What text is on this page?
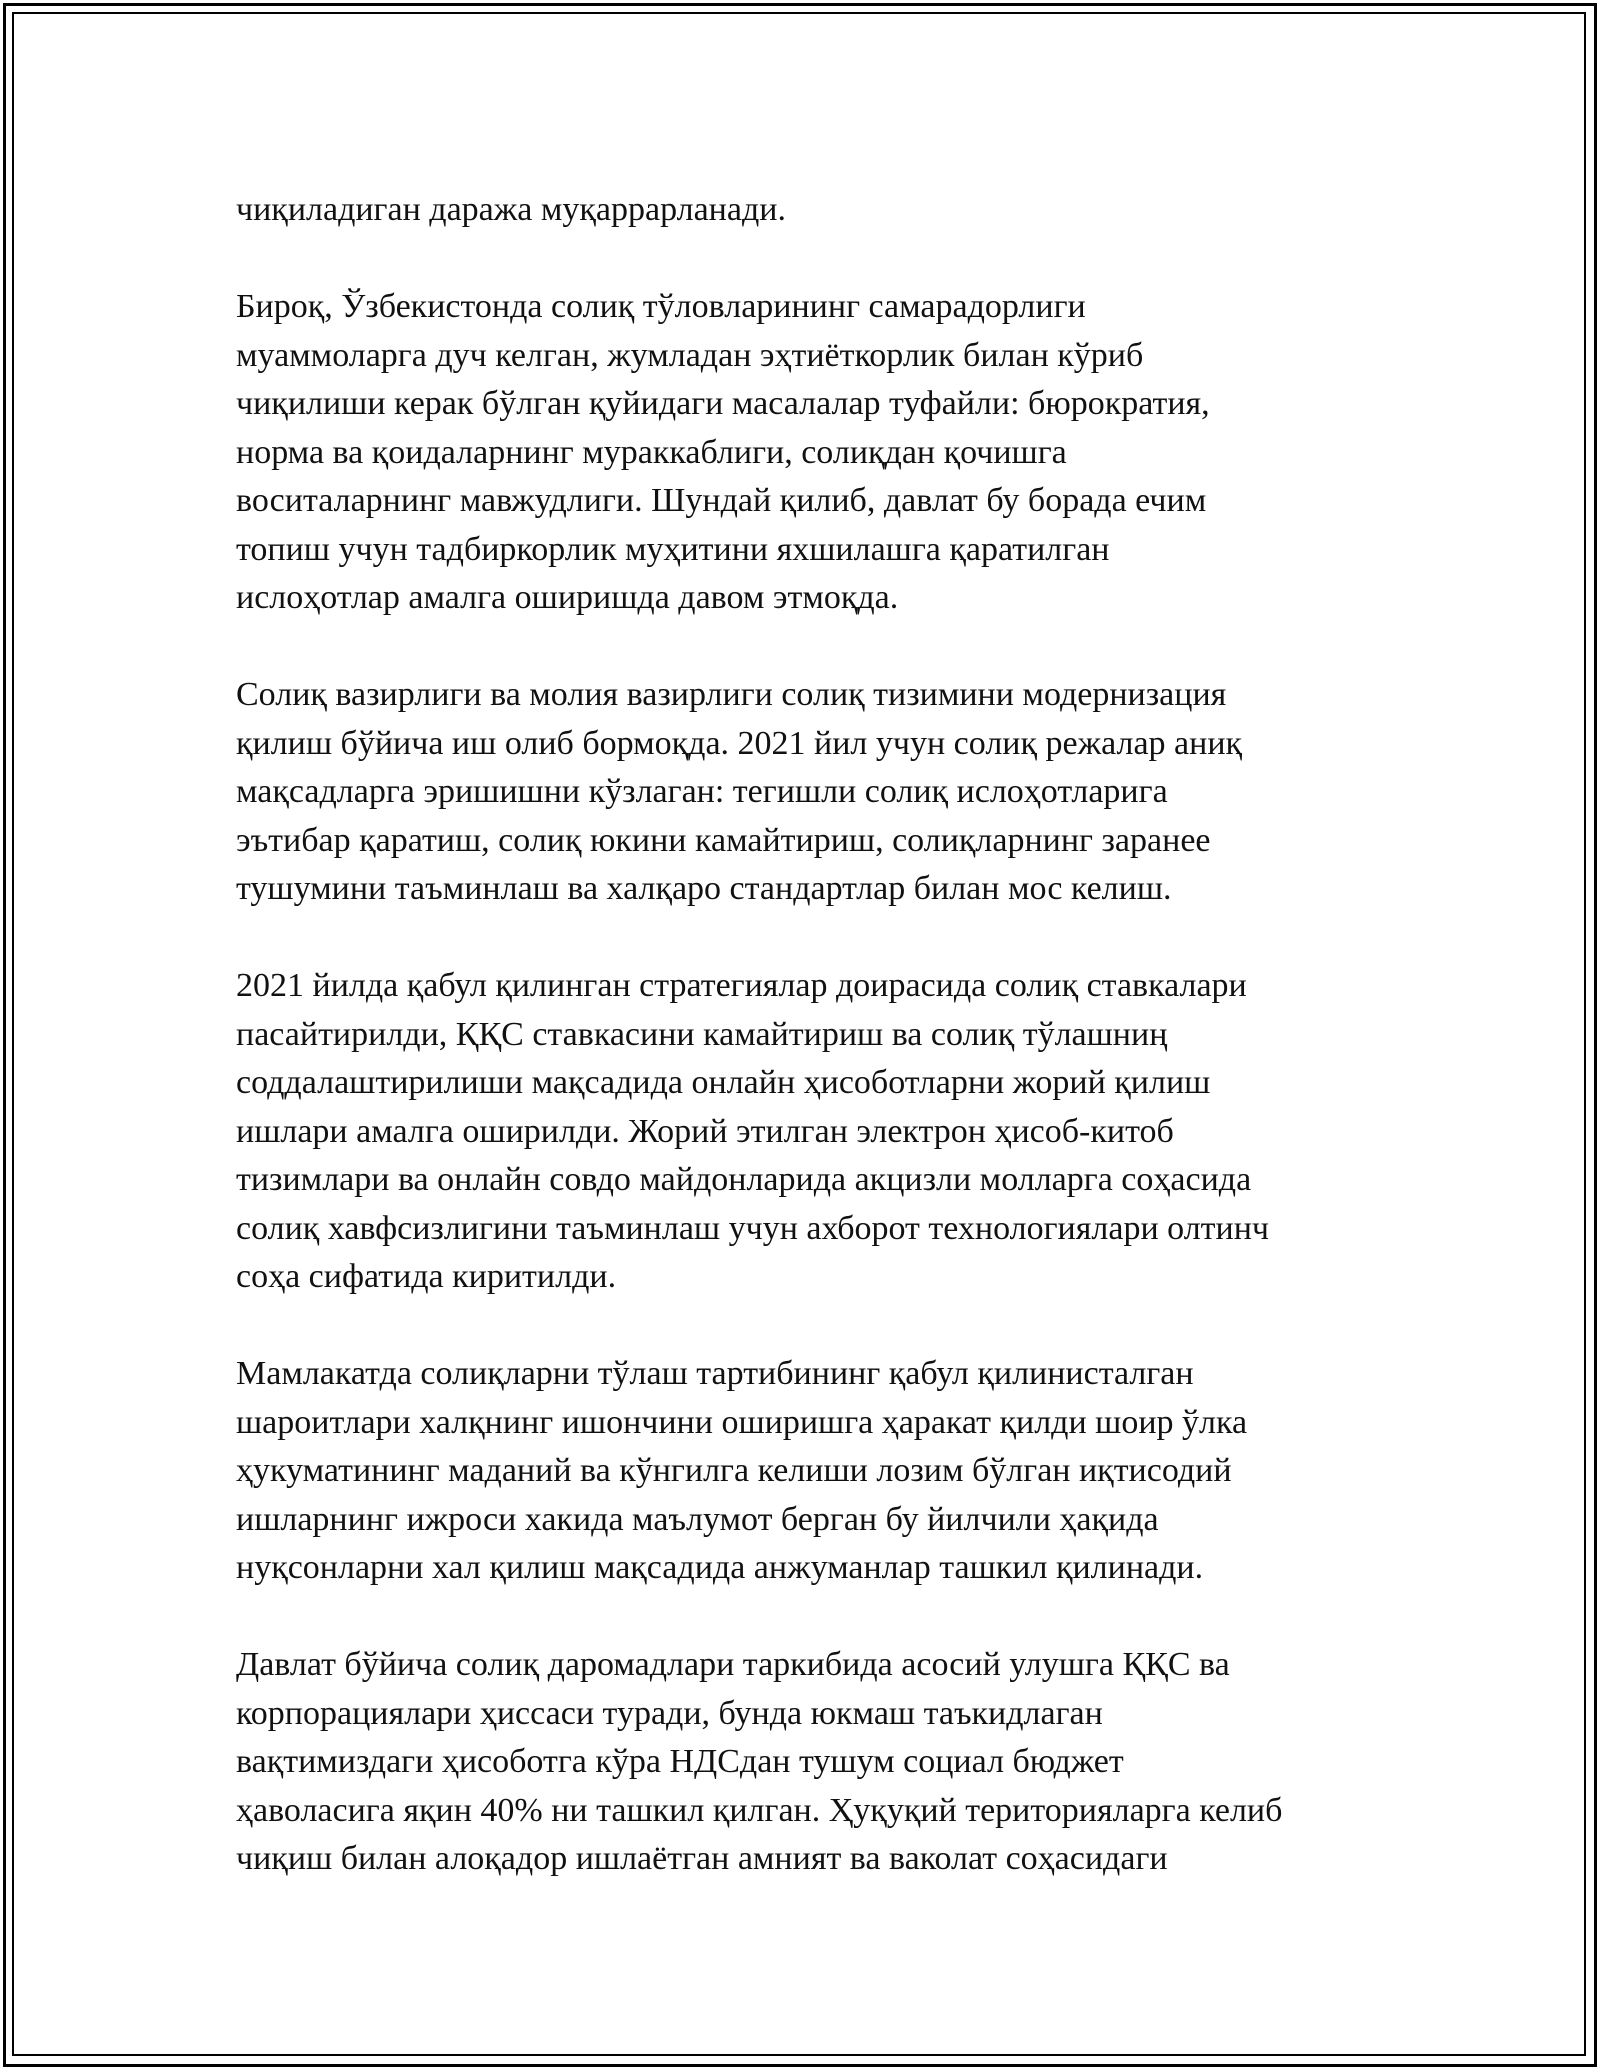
чиқиладиган даража муқаррарланади.
Бироқ, Ўзбекистонда солиқ тўловларининг самарадорлиги
муаммоларга дуч келган, жумладан эҳтиёткорлик билан кўриб
чиқилиши керак бўлган қуйидаги масалалар туфайли: бюрократия,
норма ва қоидаларнинг мураккаблиги, солиқдан қочишга
воситаларнинг мавжудлиги. Шундай қилиб, давлат бу борада ечим
топиш учун тадбиркорлик муҳитини яхшилашга қаратилган
ислоҳотлар амалга оширишда давом этмоқда.
Солиқ вазирлиги ва молия вазирлиги солиқ тизимини модернизация
қилиш бўйича иш олиб бормоқда. 2021 йил учун солиқ режалар аниқ
мақсадларга эришишни кўзлаган: тегишли солиқ ислоҳотларига
эътибар қаратиш, солиқ юкини камайтириш, солиқларнинг заранее
тушумини таъминлаш ва халқаро стандартлар билан мос келиш.
2021 йилда қабул қилинган стратегиялар доирасида солиқ ставкалари
пасайтирилди, ҚҚС ставкасини камайтириш ва солиқ тўлашниң
соддалаштирилиши мақсадида онлайн ҳисоботларни жорий қилиш
ишлари амалга оширилди. Жорий этилган электрон ҳисоб-китоб
тизимлари ва онлайн совдо майдонларида акцизли молларга соҳасида
солиқ хавфсизлигини таъминлаш учун ахборот технологиялари олтинч
соҳа сифатида киритилди.
Мамлакатда солиқларни тўлаш тартибининг қабул қилинисталган
шароитлари халқнинг ишончини оширишга ҳаракат қилди шоир ўлка
ҳукуматининг маданий ва кўнгилга келиши лозим бўлган иқтисодий
ишларнинг ижроси хакида маълумот берган бу йилчили ҳақида
нуқсонларни хал қилиш мақсадида анжуманлар ташкил қилинади.
Давлат бўйича солиқ даромадлари таркибида асосий улушга ҚҚС ва
корпорациялари ҳиссаси туради, бунда юкмаш таъкидлаган
вақтимиздаги ҳисоботга кўра НДСдан тушум социал бюджет
ҳаволасига яқин 40% ни ташкил қилган. Ҳуқуқий територияларга келиб
чиқиш билан алоқадор ишлаётган амният ва ваколат соҳасидаги
